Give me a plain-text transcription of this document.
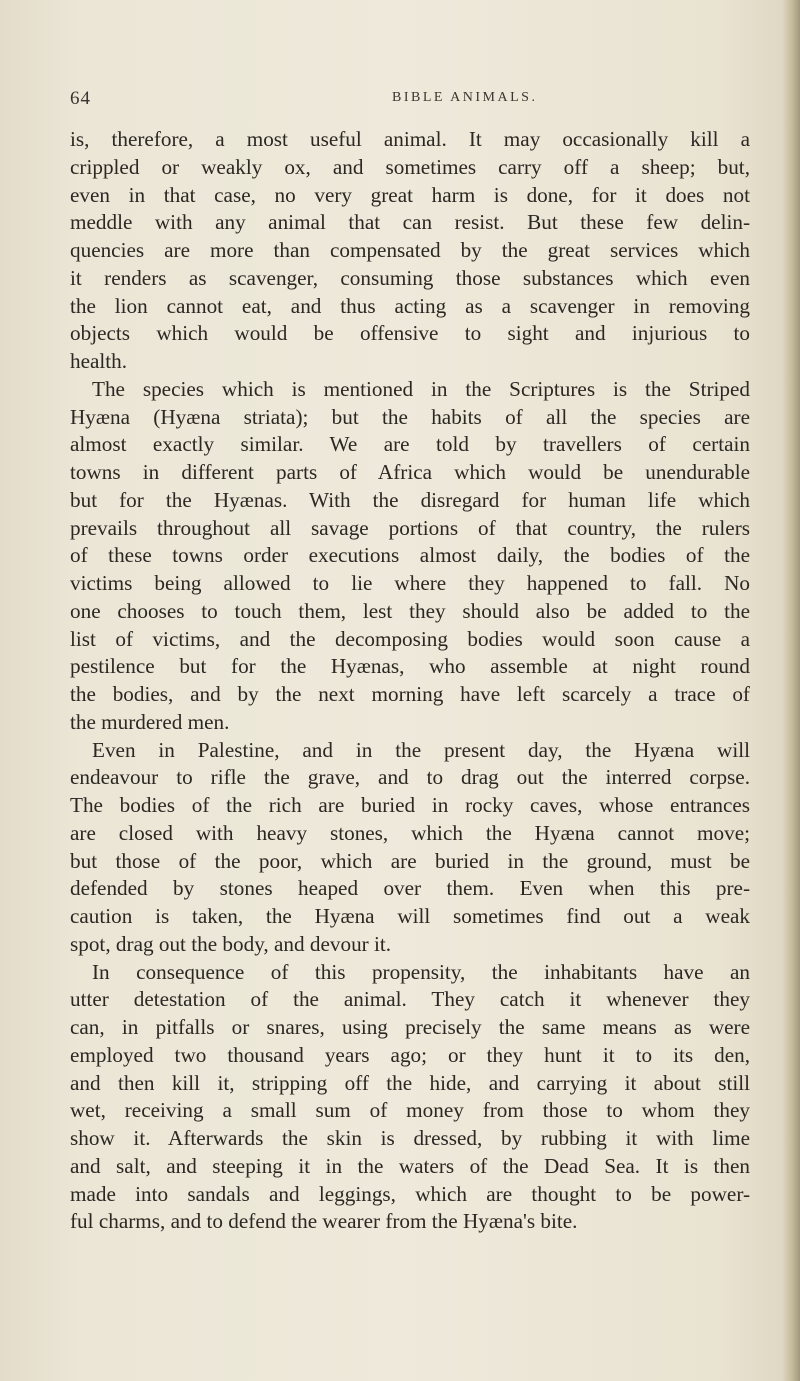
64	BIBLE ANIMALS.
is, therefore, a most useful animal. It may occasionally kill a
crippled or weakly ox, and sometimes carry off a sheep; but,
even in that case, no very great harm is done, for it does not
meddle with any animal that can resist. But these few delin-
quencies are more than compensated by the great services which
it renders as scavenger, consuming those substances which even
the lion cannot eat, and thus acting as a scavenger in removing
objects which would be offensive to sight and injurious to
health.
The species which is mentioned in the Scriptures is the Striped
Hyæna (Hyæna striata); but the habits of all the species are
almost exactly similar. We are told by travellers of certain
towns in different parts of Africa which would be unendurable
but for the Hyænas. With the disregard for human life which
prevails throughout all savage portions of that country, the rulers
of these towns order executions almost daily, the bodies of the
victims being allowed to lie where they happened to fall. No
one chooses to touch them, lest they should also be added to the
list of victims, and the decomposing bodies would soon cause a
pestilence but for the Hyænas, who assemble at night round
the bodies, and by the next morning have left scarcely a trace of
the murdered men.
Even in Palestine, and in the present day, the Hyæna will
endeavour to rifle the grave, and to drag out the interred corpse.
The bodies of the rich are buried in rocky caves, whose entrances
are closed with heavy stones, which the Hyæna cannot move;
but those of the poor, which are buried in the ground, must be
defended by stones heaped over them. Even when this pre-
caution is taken, the Hyæna will sometimes find out a weak
spot, drag out the body, and devour it.
In consequence of this propensity, the inhabitants have an
utter detestation of the animal. They catch it whenever they
can, in pitfalls or snares, using precisely the same means as were
employed two thousand years ago; or they hunt it to its den,
and then kill it, stripping off the hide, and carrying it about still
wet, receiving a small sum of money from those to whom they
show it. Afterwards the skin is dressed, by rubbing it with lime
and salt, and steeping it in the waters of the Dead Sea. It is then
made into sandals and leggings, which are thought to be power-
ful charms, and to defend the wearer from the Hyæna's bite.
